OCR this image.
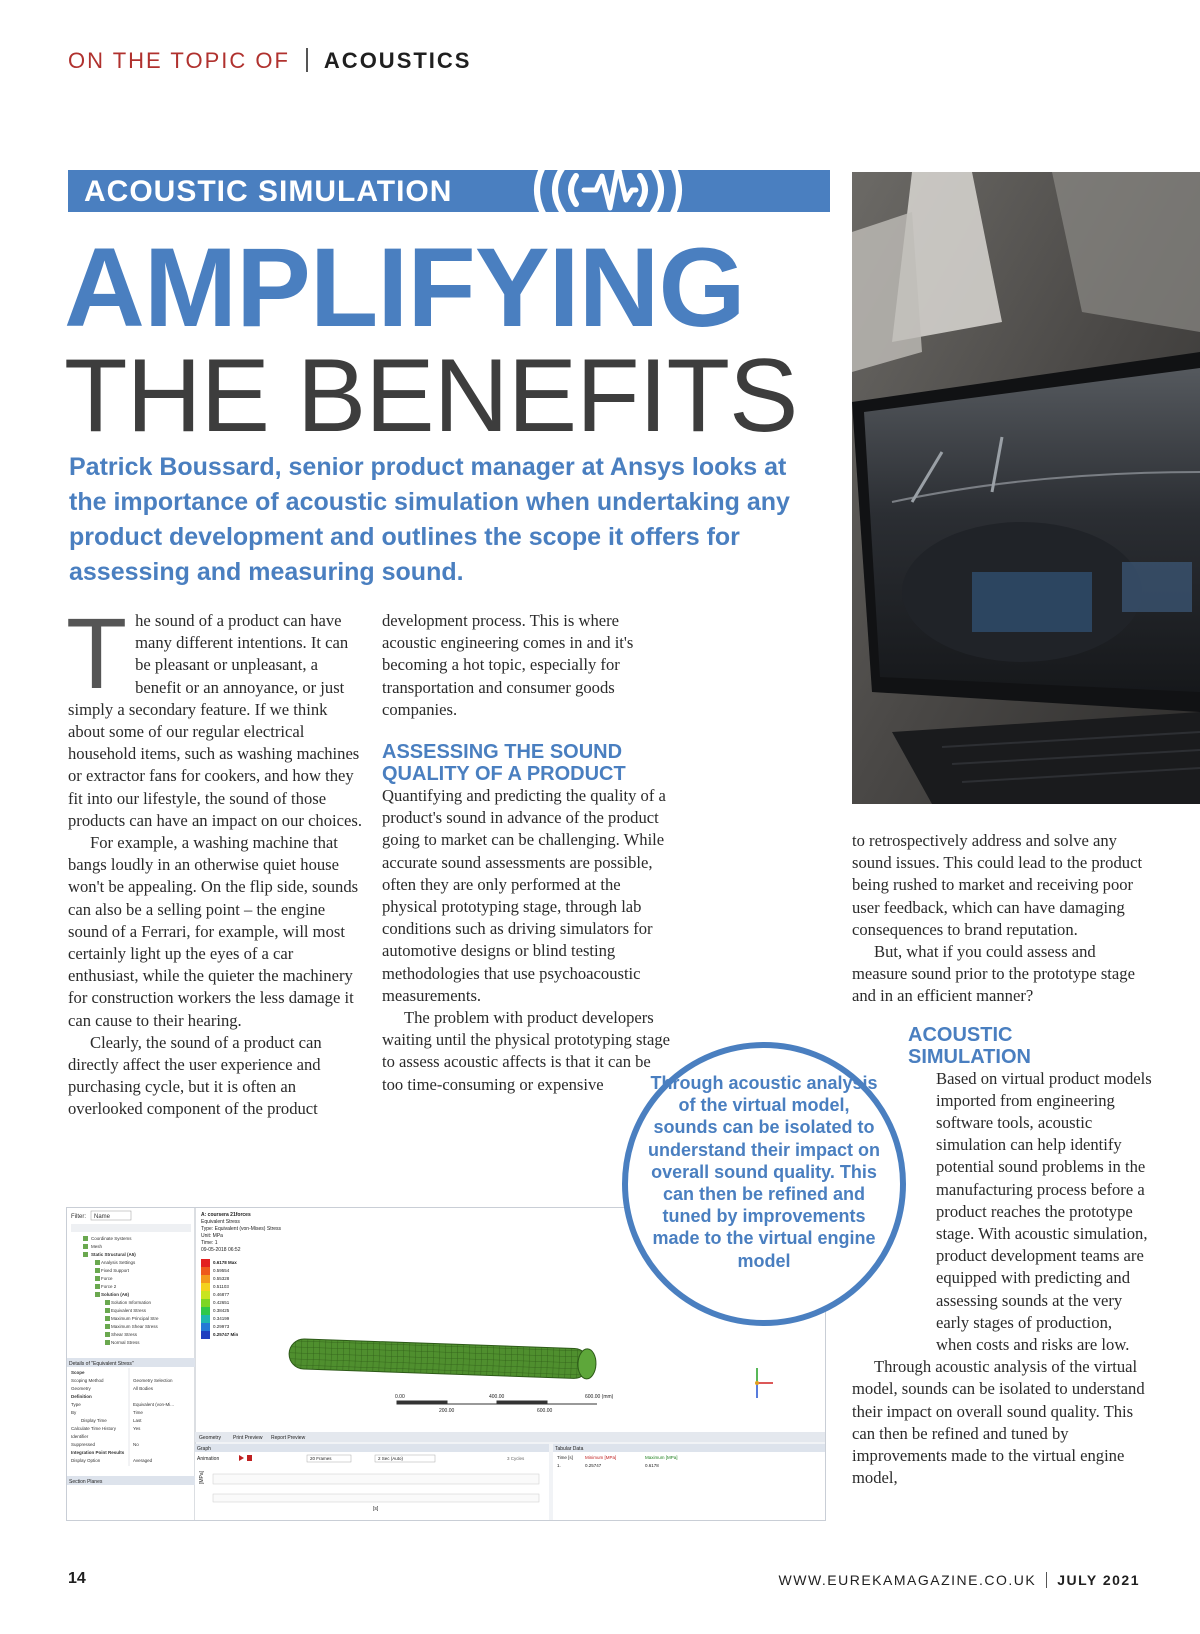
ON THE TOPIC OF ACOUSTICS
ACOUSTIC SIMULATION
AMPLIFYING
THE BENEFITS
Patrick Boussard, senior product manager at Ansys looks at the importance of acoustic simulation when undertaking any product development and outlines the scope it offers for assessing and measuring sound.
T he sound of a product can have many different intentions. It can be pleasant or unpleasant, a benefit or an annoyance, or just simply a secondary feature. If we think about some of our regular electrical household items, such as washing machines or extractor fans for cookers, and how they fit into our lifestyle, the sound of those products can have an impact on our choices.

For example, a washing machine that bangs loudly in an otherwise quiet house won't be appealing. On the flip side, sounds can also be a selling point – the engine sound of a Ferrari, for example, will most certainly light up the eyes of a car enthusiast, while the quieter the machinery for construction workers the less damage it can cause to their hearing.

Clearly, the sound of a product can directly affect the user experience and purchasing cycle, but it is often an overlooked component of the product

development process. This is where acoustic engineering comes in and it's becoming a hot topic, especially for transportation and consumer goods companies.

ASSESSING THE SOUND QUALITY OF A PRODUCT

Quantifying and predicting the quality of a product's sound in advance of the product going to market can be challenging. While accurate sound assessments are possible, often they are only performed at the physical prototyping stage, through lab conditions such as driving simulators for automotive designs or blind testing methodologies that use psychoacoustic measurements.

The problem with product developers waiting until the physical prototyping stage to assess acoustic affects is that it can be too time-consuming or expensive

to retrospectively address and solve any sound issues. This could lead to the product being rushed to market and receiving poor user feedback, which can have damaging consequences to brand reputation.

But, what if you could assess and measure sound prior to the prototype stage and in an efficient manner?

ACOUSTIC SIMULATION

Based on virtual product models imported from engineering software tools, acoustic simulation can help identify potential sound problems in the manufacturing process before a product reaches the prototype stage. With acoustic simulation, product development teams are equipped with predicting and assessing sounds at the very early stages of production, when costs and risks are low.

Through acoustic analysis of the virtual model, sounds can be isolated to understand their impact on overall sound quality. This can then be refined and tuned by improvements made to the virtual engine model,

Filter: Name
Coordinate Systems
Mesh
Static Structural (A5)
Analysis Settings
Fixed Support
Force
Force 2
Solution (A6)
Solution Information
Equivalent Stress
Maximum Principal Stre
Maximum Shear Stress
Shear Stress
Normal Stress
Details of "Equivalent Stress"
Scope
Scoping Method	Geometry Selection
Geometry	All Bodies
Definition
Type	Equivalent (von-Mi...
By	Time
Display Time	Last
Calculate Time History	Yes
Identifier
Suppressed	No
Integration Point Results
Display Option	Averaged
Section Planes
A: coursera 21forces
Equivalent Stress
Type: Equivalent (von-Mises) Stress
Unit: MPa
Time: 1
09-05-2018 06:52
0.6178 Max
0.59554
0.55328
0.51103
0.46877
0.42651
0.38425
0.34199
0.29973
0.25747 Min
0.00	400.00	600.00 (mm)
200.00	600.00
Geometry Print Preview Report Preview
Graph
Animation	20 Frames	2 Sec (Auto)	3 Cycles
[MPa]
[s]
Tabular Data
Time [s]	Minimum [MPa]	Maximum [MPa]
1.	0.25747	0.6178
Through acoustic analysis of the virtual model, sounds can be isolated to understand their impact on overall sound quality. This can then be refined and tuned by improvements made to the virtual engine model
14	WWW.EUREKAMAGAZINE.CO.UK JULY 2021
